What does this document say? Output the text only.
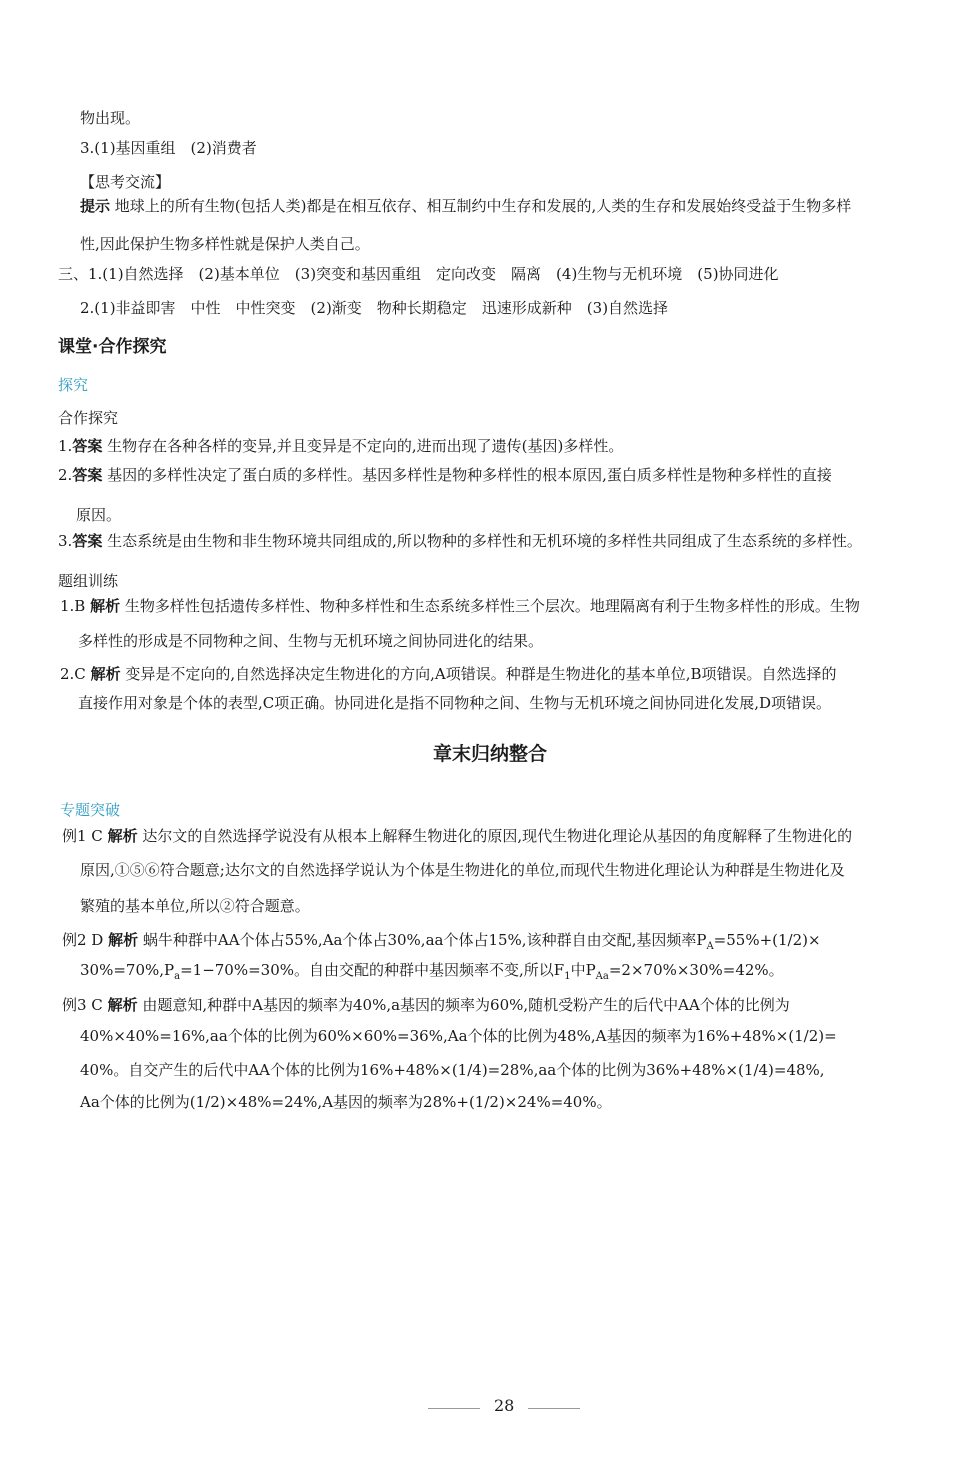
物出现。
3.(1)基因重组　(2)消费者
【思考交流】
提示 地球上的所有生物(包括人类)都是在相互依存、相互制约中生存和发展的,人类的生存和发展始终受益于生物多样
性,因此保护生物多样性就是保护人类自己。
三、1.(1)自然选择　(2)基本单位　(3)突变和基因重组　定向改变　隔离　(4)生物与无机环境　(5)协同进化
2.(1)非益即害　中性　中性突变　(2)渐变　物种长期稳定　迅速形成新种　(3)自然选择
课堂·合作探究
探究
合作探究
1.答案 生物存在各种各样的变异,并且变异是不定向的,进而出现了遗传(基因)多样性。
2.答案 基因的多样性决定了蛋白质的多样性。基因多样性是物种多样性的根本原因,蛋白质多样性是物种多样性的直接
原因。
3.答案 生态系统是由生物和非生物环境共同组成的,所以物种的多样性和无机环境的多样性共同组成了生态系统的多样性。
题组训练
1.B 解析 生物多样性包括遗传多样性、物种多样性和生态系统多样性三个层次。地理隔离有利于生物多样性的形成。生物
多样性的形成是不同物种之间、生物与无机环境之间协同进化的结果。
2.C 解析 变异是不定向的,自然选择决定生物进化的方向,A项错误。种群是生物进化的基本单位,B项错误。自然选择的
直接作用对象是个体的表型,C项正确。协同进化是指不同物种之间、生物与无机环境之间协同进化发展,D项错误。
章末归纳整合
专题突破
例1 C 解析 达尔文的自然选择学说没有从根本上解释生物进化的原因,现代生物进化理论从基因的角度解释了生物进化的
原因,①⑤⑥符合题意;达尔文的自然选择学说认为个体是生物进化的单位,而现代生物进化理论认为种群是生物进化及
繁殖的基本单位,所以②符合题意。
例2 D 解析 蜗牛种群中AA个体占55%,Aa个体占30%,aa个体占15%,该种群自由交配,基因频率$P_A=55\%+(1/2)\times$
$30\%=70\%,P_a=1-70\%=30\%$。自由交配的种群中基因频率不变,所以$F_1$中$P_{Aa}=2\times 70\%\times 30\%=42\%$。
例3 C 解析 由题意知,种群中A基因的频率为40%,a基因的频率为60%,随机受粉产生的后代中AA个体的比例为
40%×40%=16%,aa个体的比例为60%×60%=36%,Aa个体的比例为48%,A基因的频率为16%+48%×(1/2)=
40%。自交产生的后代中AA个体的比例为16%+48%×(1/4)=28%,aa个体的比例为36%+48%×(1/4)=48%,
Aa个体的比例为(1/2)×48%=24%,A基因的频率为28%+(1/2)×24%=40%。
28
